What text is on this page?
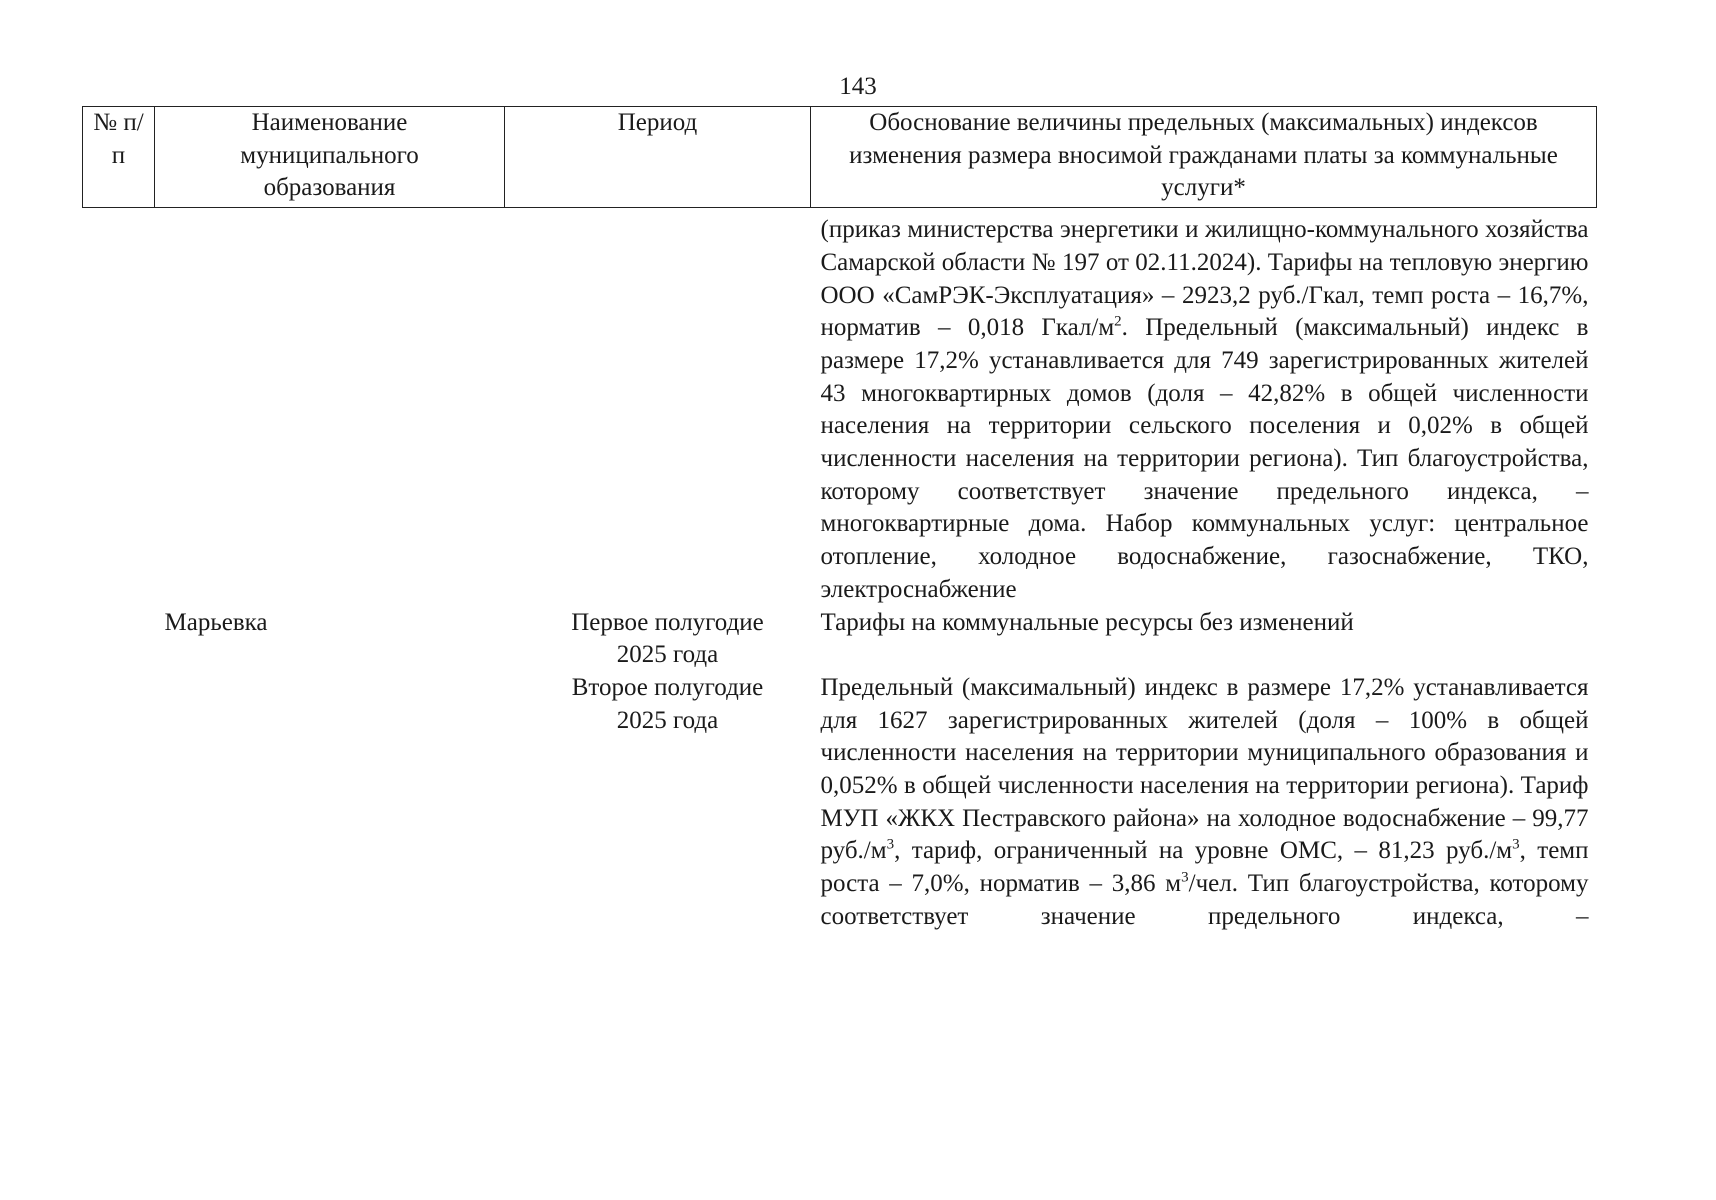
143
№ п/п	Наименование муниципального образования	Период	Обоснование величины предельных (максимальных) индексов изменения размера вносимой гражданами платы за коммунальные услуги*

			(приказ министерства энергетики и жилищно-коммунального хозяйства Самарской области № 197 от 02.11.2024). Тарифы на тепловую энергию ООО «СамРЭК-Эксплуатация» – 2923,2 руб./Гкал, темп роста – 16,7%, норматив – 0,018 Гкал/$м^2$. Предельный (максимальный) индекс в размере 17,2% устанавливается для 749 зарегистрированных жителей 43 многоквартирных домов (доля – 42,82% в общей численности населения на территории сельского поселения и 0,02% в общей численности населения на территории региона). Тип благоустройства, которому соответствует значение предельного индекса, – многоквартирные дома. Набор коммунальных услуг: центральное отопление, холодное водоснабжение, газоснабжение, ТКО, электроснабжение

	Марьевка	Первое полугодие 2025 года	Тарифы на коммунальные ресурсы без изменений

		Второе полугодие 2025 года	Предельный (максимальный) индекс в размере 17,2% устанавливается для 1627 зарегистрированных жителей (доля – 100% в общей численности населения на территории муниципального образования и 0,052% в общей численности населения на территории региона). Тариф МУП «ЖКХ Пестравского района» на холодное водоснабжение – 99,77 $руб./м^3$, тариф, ограниченный на уровне ОМС, – 81,23 $руб./м^3$, темп роста – 7,0%, норматив – 3,86 $м^3$/чел. Тип благоустройства, которому соответствует значение предельного индекса, –
